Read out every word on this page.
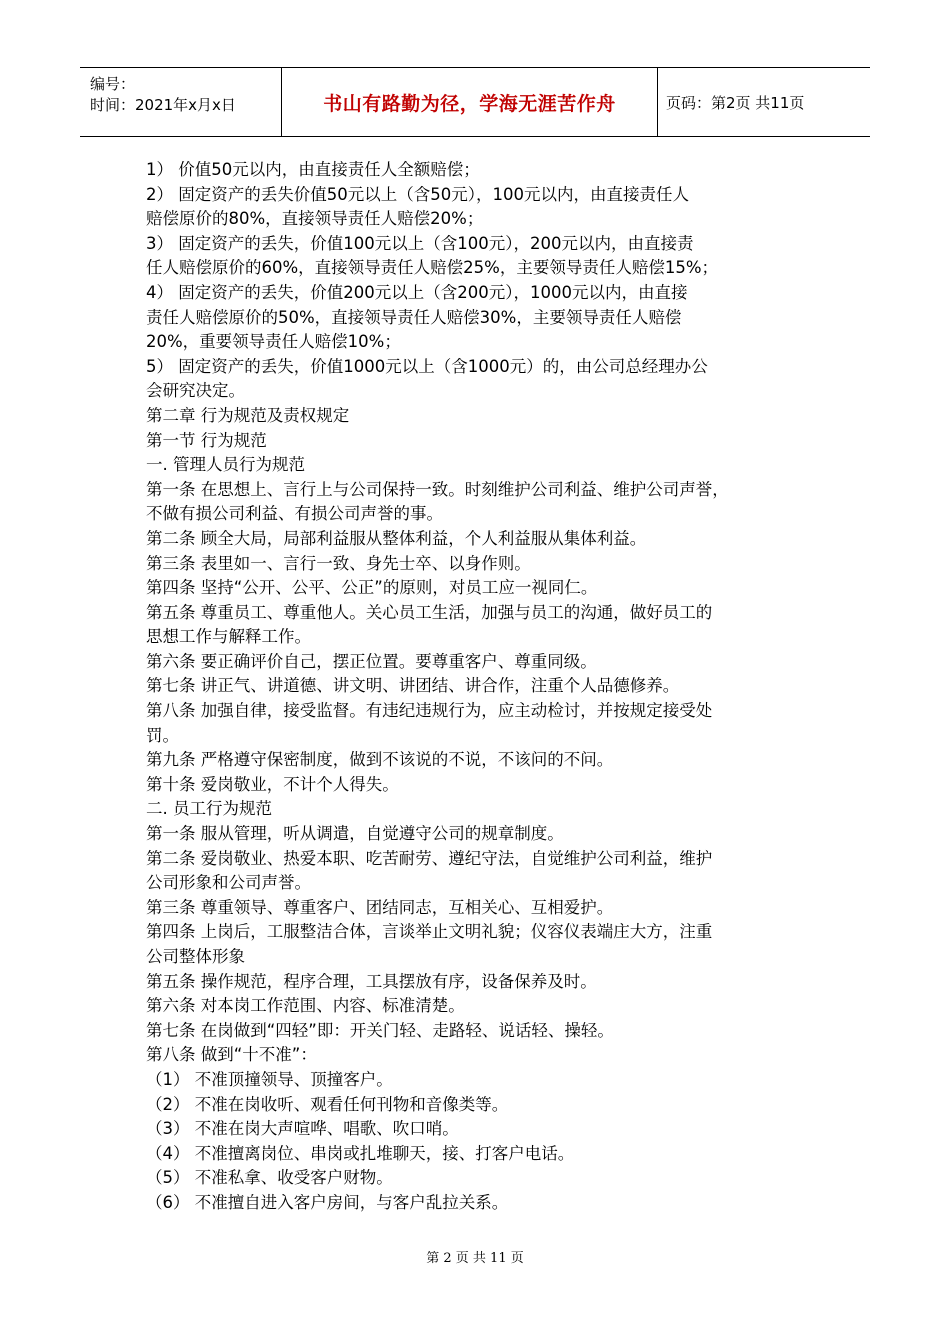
编号：
时间：2021年x月x日	书山有路勤为径，学海无涯苦作舟	页码：第2页 共11页
1） 价值50元以内，由直接责任人全额赔偿；
2） 固定资产的丢失价值50元以上（含50元），100元以内，由直接责任人
赔偿原价的80%，直接领导责任人赔偿20%；
3） 固定资产的丢失，价值100元以上（含100元），200元以内，由直接责
任人赔偿原价的60%，直接领导责任人赔偿25%，主要领导责任人赔偿15%；
4） 固定资产的丢失，价值200元以上（含200元），1000元以内，由直接
责任人赔偿原价的50%，直接领导责任人赔偿30%，主要领导责任人赔偿
20%，重要领导责任人赔偿10%；
5） 固定资产的丢失，价值1000元以上（含1000元）的，由公司总经理办公
会研究决定。
第二章 行为规范及责权规定
第一节 行为规范
一. 管理人员行为规范
第一条 在思想上、言行上与公司保持一致。时刻维护公司利益、维护公司声誉，
不做有损公司利益、有损公司声誉的事。
第二条 顾全大局，局部利益服从整体利益，个人利益服从集体利益。
第三条 表里如一、言行一致、身先士卒、以身作则。
第四条 坚持“公开、公平、公正”的原则，对员工应一视同仁。
第五条 尊重员工、尊重他人。关心员工生活，加强与员工的沟通，做好员工的
思想工作与解释工作。
第六条 要正确评价自己，摆正位置。要尊重客户、尊重同级。
第七条 讲正气、讲道德、讲文明、讲团结、讲合作，注重个人品德修养。
第八条 加强自律，接受监督。有违纪违规行为，应主动检讨，并按规定接受处
罚。
第九条 严格遵守保密制度，做到不该说的不说，不该问的不问。
第十条 爱岗敬业，不计个人得失。
二. 员工行为规范
第一条 服从管理，听从调遣，自觉遵守公司的规章制度。
第二条 爱岗敬业、热爱本职、吃苦耐劳、遵纪守法，自觉维护公司利益，维护
公司形象和公司声誉。
第三条 尊重领导、尊重客户、团结同志，互相关心、互相爱护。
第四条 上岗后，工服整洁合体，言谈举止文明礼貌；仪容仪表端庄大方，注重
公司整体形象
第五条 操作规范，程序合理，工具摆放有序，设备保养及时。
第六条 对本岗工作范围、内容、标准清楚。
第七条 在岗做到“四轻”即：开关门轻、走路轻、说话轻、操轻。
第八条 做到“十不准”：
（1） 不准顶撞领导、顶撞客户。
（2） 不准在岗收听、观看任何刊物和音像类等。
（3） 不准在岗大声喧哗、唱歌、吹口哨。
（4） 不准擅离岗位、串岗或扎堆聊天，接、打客户电话。
（5） 不准私拿、收受客户财物。
（6） 不准擅自进入客户房间，与客户乱拉关系。
第 2 页 共 11 页
